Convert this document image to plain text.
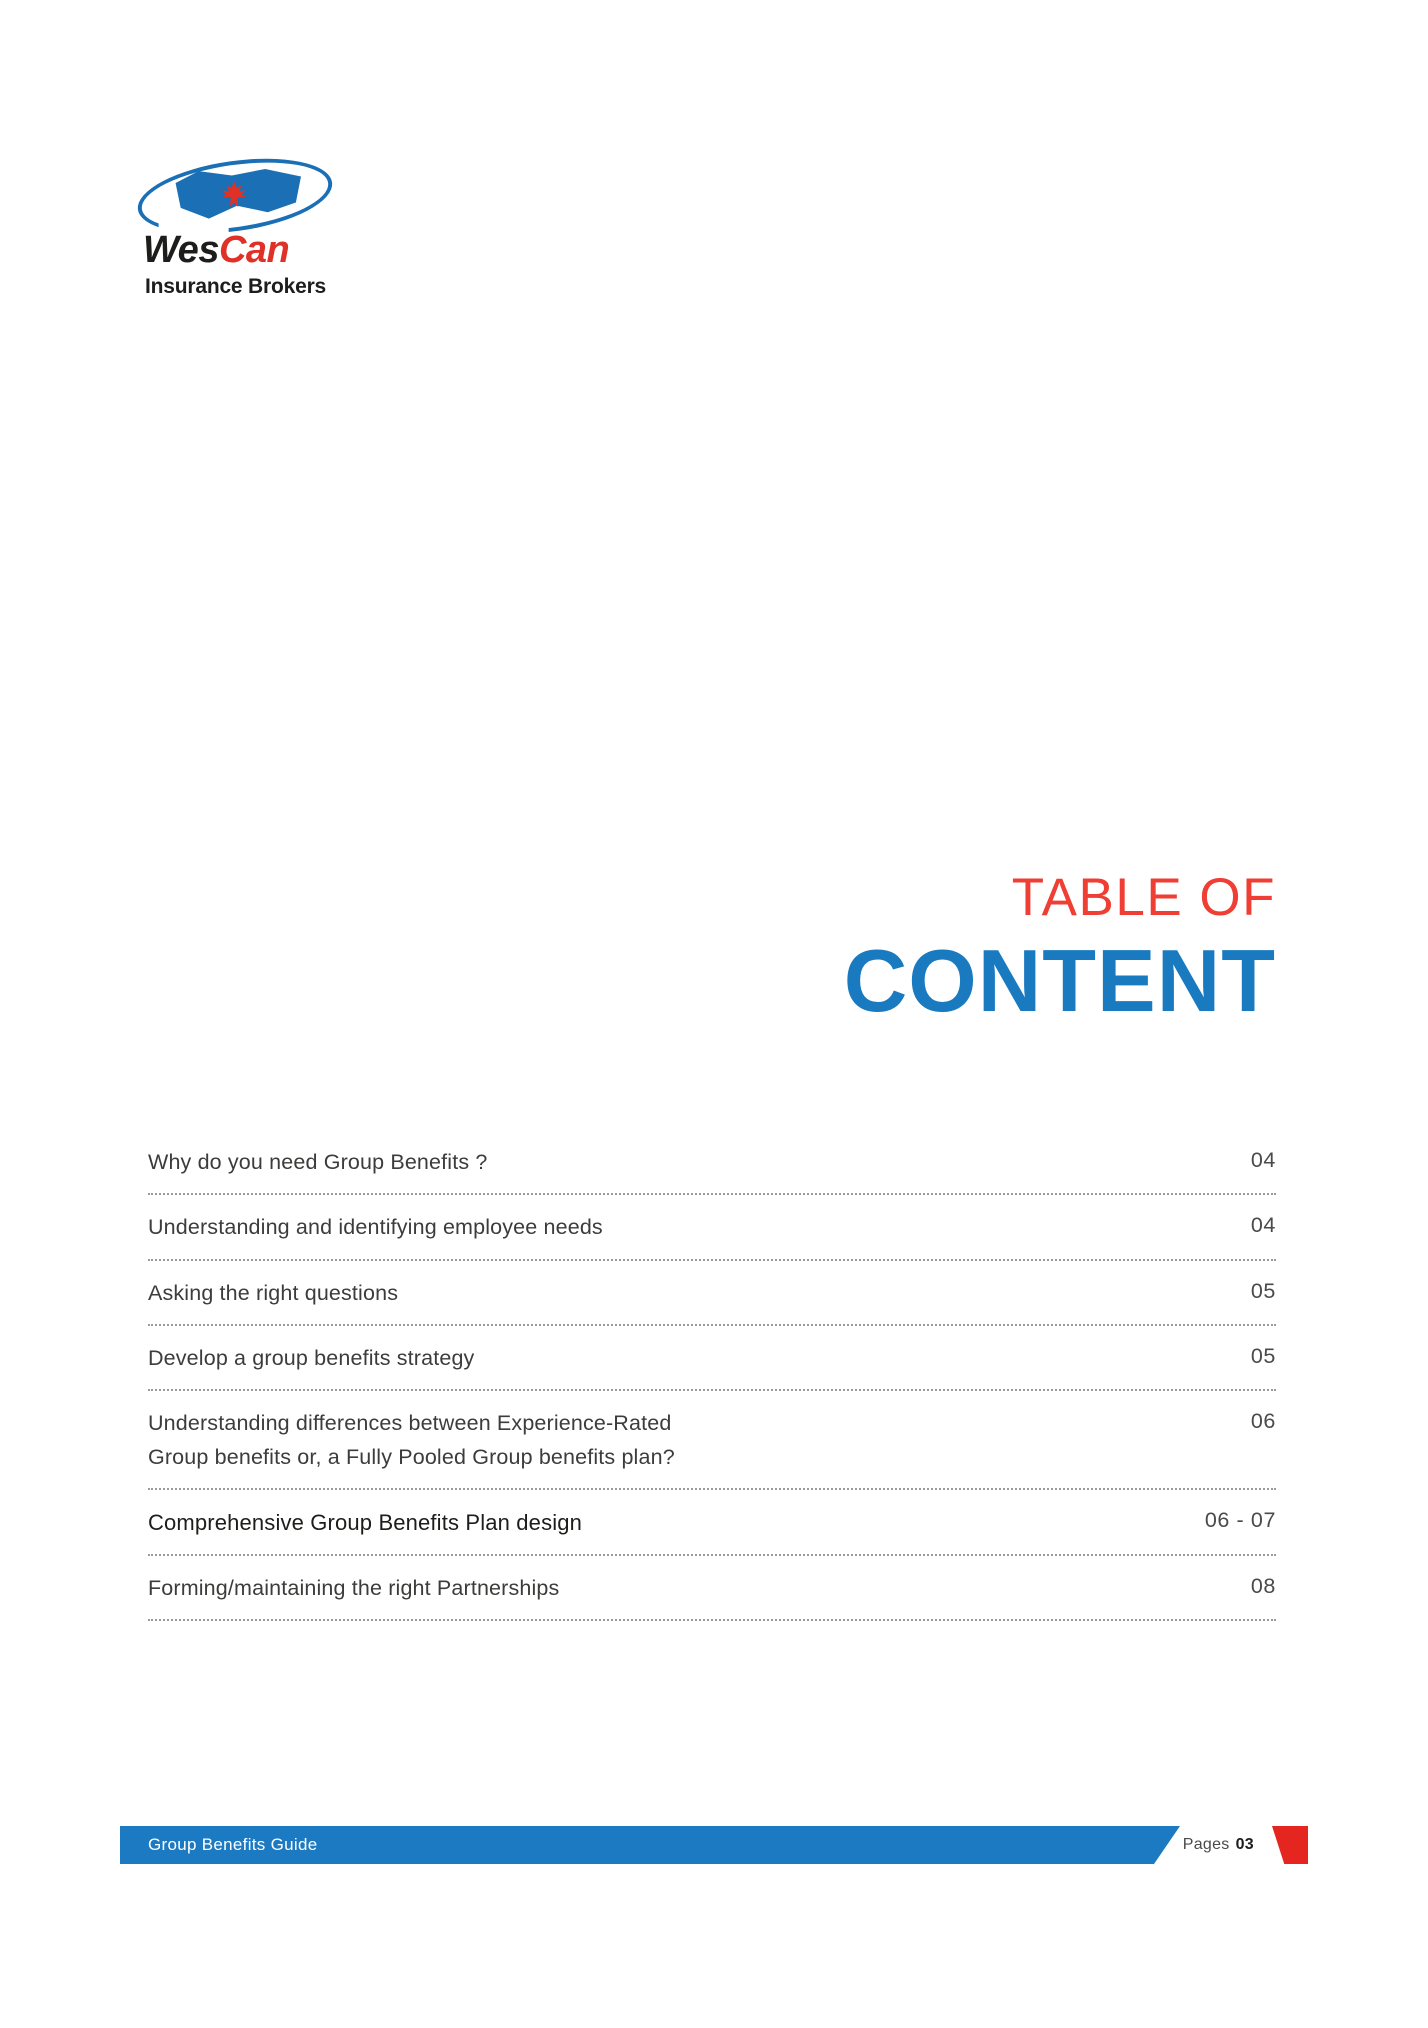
WesCan
Insurance Brokers
TABLE OF
CONTENT
Why do you need Group Benefits ?	04
Understanding and identifying employee needs	04
Asking the right questions	05
Develop a group benefits strategy	05
Understanding differences between Experience-Rated
Group benefits or, a Fully Pooled Group benefits plan?
06
Comprehensive Group Benefits Plan design	06 - 07
Forming/maintaining the right Partnerships	08
Group Benefits Guide	Pages 03
